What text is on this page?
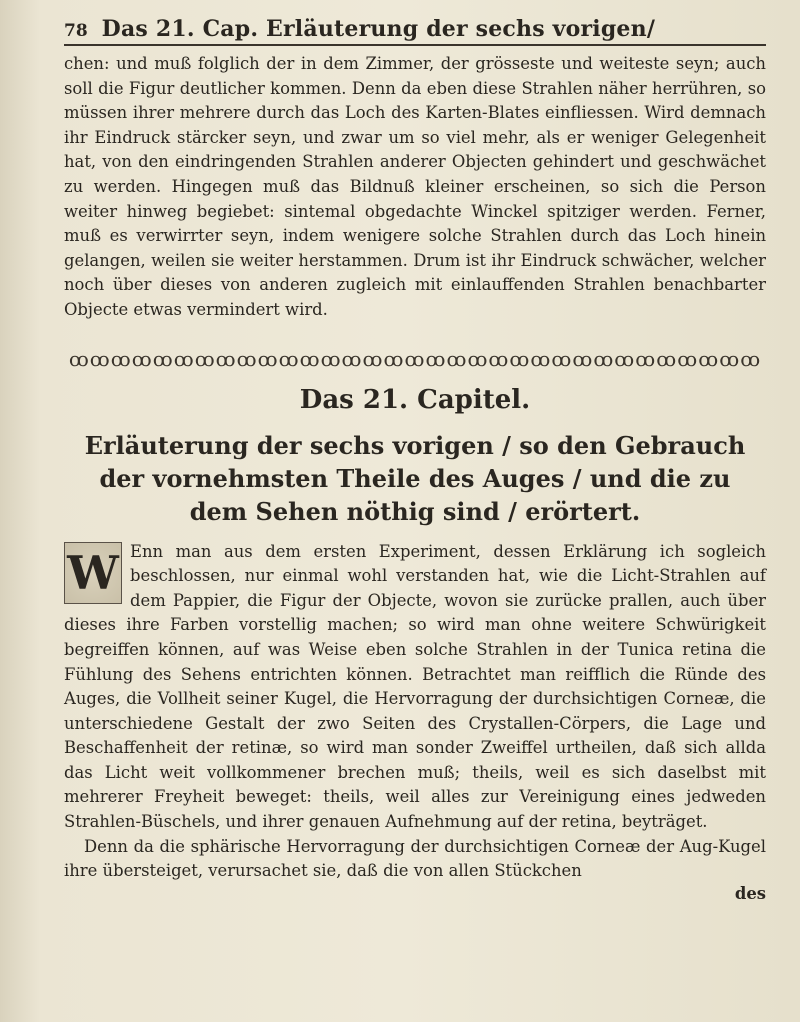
78 Das 21. Cap. Erläuterung der sechs vorigen/

chen: und muß folglich der in dem Zimmer, der grösseste und weiteste seyn; auch soll die Figur deutlicher kommen. Denn da eben diese Strahlen näher herrühren, so müssen ihrer mehrere durch das Loch des Karten-Blates einfliessen. Wird demnach ihr Eindruck stärcker seyn, und zwar um so viel mehr, als er weniger Gelegenheit hat, von den eindringenden Strahlen anderer Objecten gehindert und geschwächet zu werden. Hingegen muß das Bildnuß kleiner erscheinen, so sich die Person weiter hinweg begiebet: sintemal obgedachte Winckel spitziger werden. Ferner, muß es verwirrter seyn, indem wenigere solche Strahlen durch das Loch hinein gelangen, weilen sie weiter herstammen. Drum ist ihr Eindruck schwächer, welcher noch über dieses von anderen zugleich mit einlauffenden Strahlen benachbarter Objecte etwas vermindert wird.

ꝏꝏꝏꝏꝏꝏꝏꝏꝏꝏꝏꝏꝏꝏꝏꝏꝏꝏꝏꝏꝏꝏꝏꝏꝏꝏꝏꝏꝏꝏꝏꝏꝏ
Das 21. Capitel.
Erläuterung der sechs vorigen / so den Gebrauch der vornehmsten Theile des Auges / und die zu dem Sehen nöthig sind / erörtert.
W Enn man aus dem ersten Experiment, dessen Erklärung ich sogleich beschlossen, nur einmal wohl verstanden hat, wie die Licht-Strahlen auf dem Pappier, die Figur der Objecte, wovon sie zurücke prallen, auch über dieses ihre Farben vorstellig machen; so wird man ohne weitere Schwürigkeit begreiffen können, auf was Weise eben solche Strahlen in der Tunica retina die Fühlung des Sehens entrichten können. Betrachtet man reifflich die Ründe des Auges, die Vollheit seiner Kugel, die Hervorragung der durchsichtigen Corneæ, die unterschiedene Gestalt der zwo Seiten des Crystallen-Cörpers, die Lage und Beschaffenheit der retinæ, so wird man sonder Zweiffel urtheilen, daß sich allda das Licht weit vollkommener brechen muß; theils, weil es sich daselbst mit mehrerer Freyheit beweget: theils, weil alles zur Vereinigung eines jedweden Strahlen-Büschels, und ihrer genauen Aufnehmung auf der retina, beyträget.

Denn da die sphärische Hervorragung der durchsichtigen Corneæ der Aug-Kugel ihre übersteiget, verursachet sie, daß die von allen Stückchen

des
